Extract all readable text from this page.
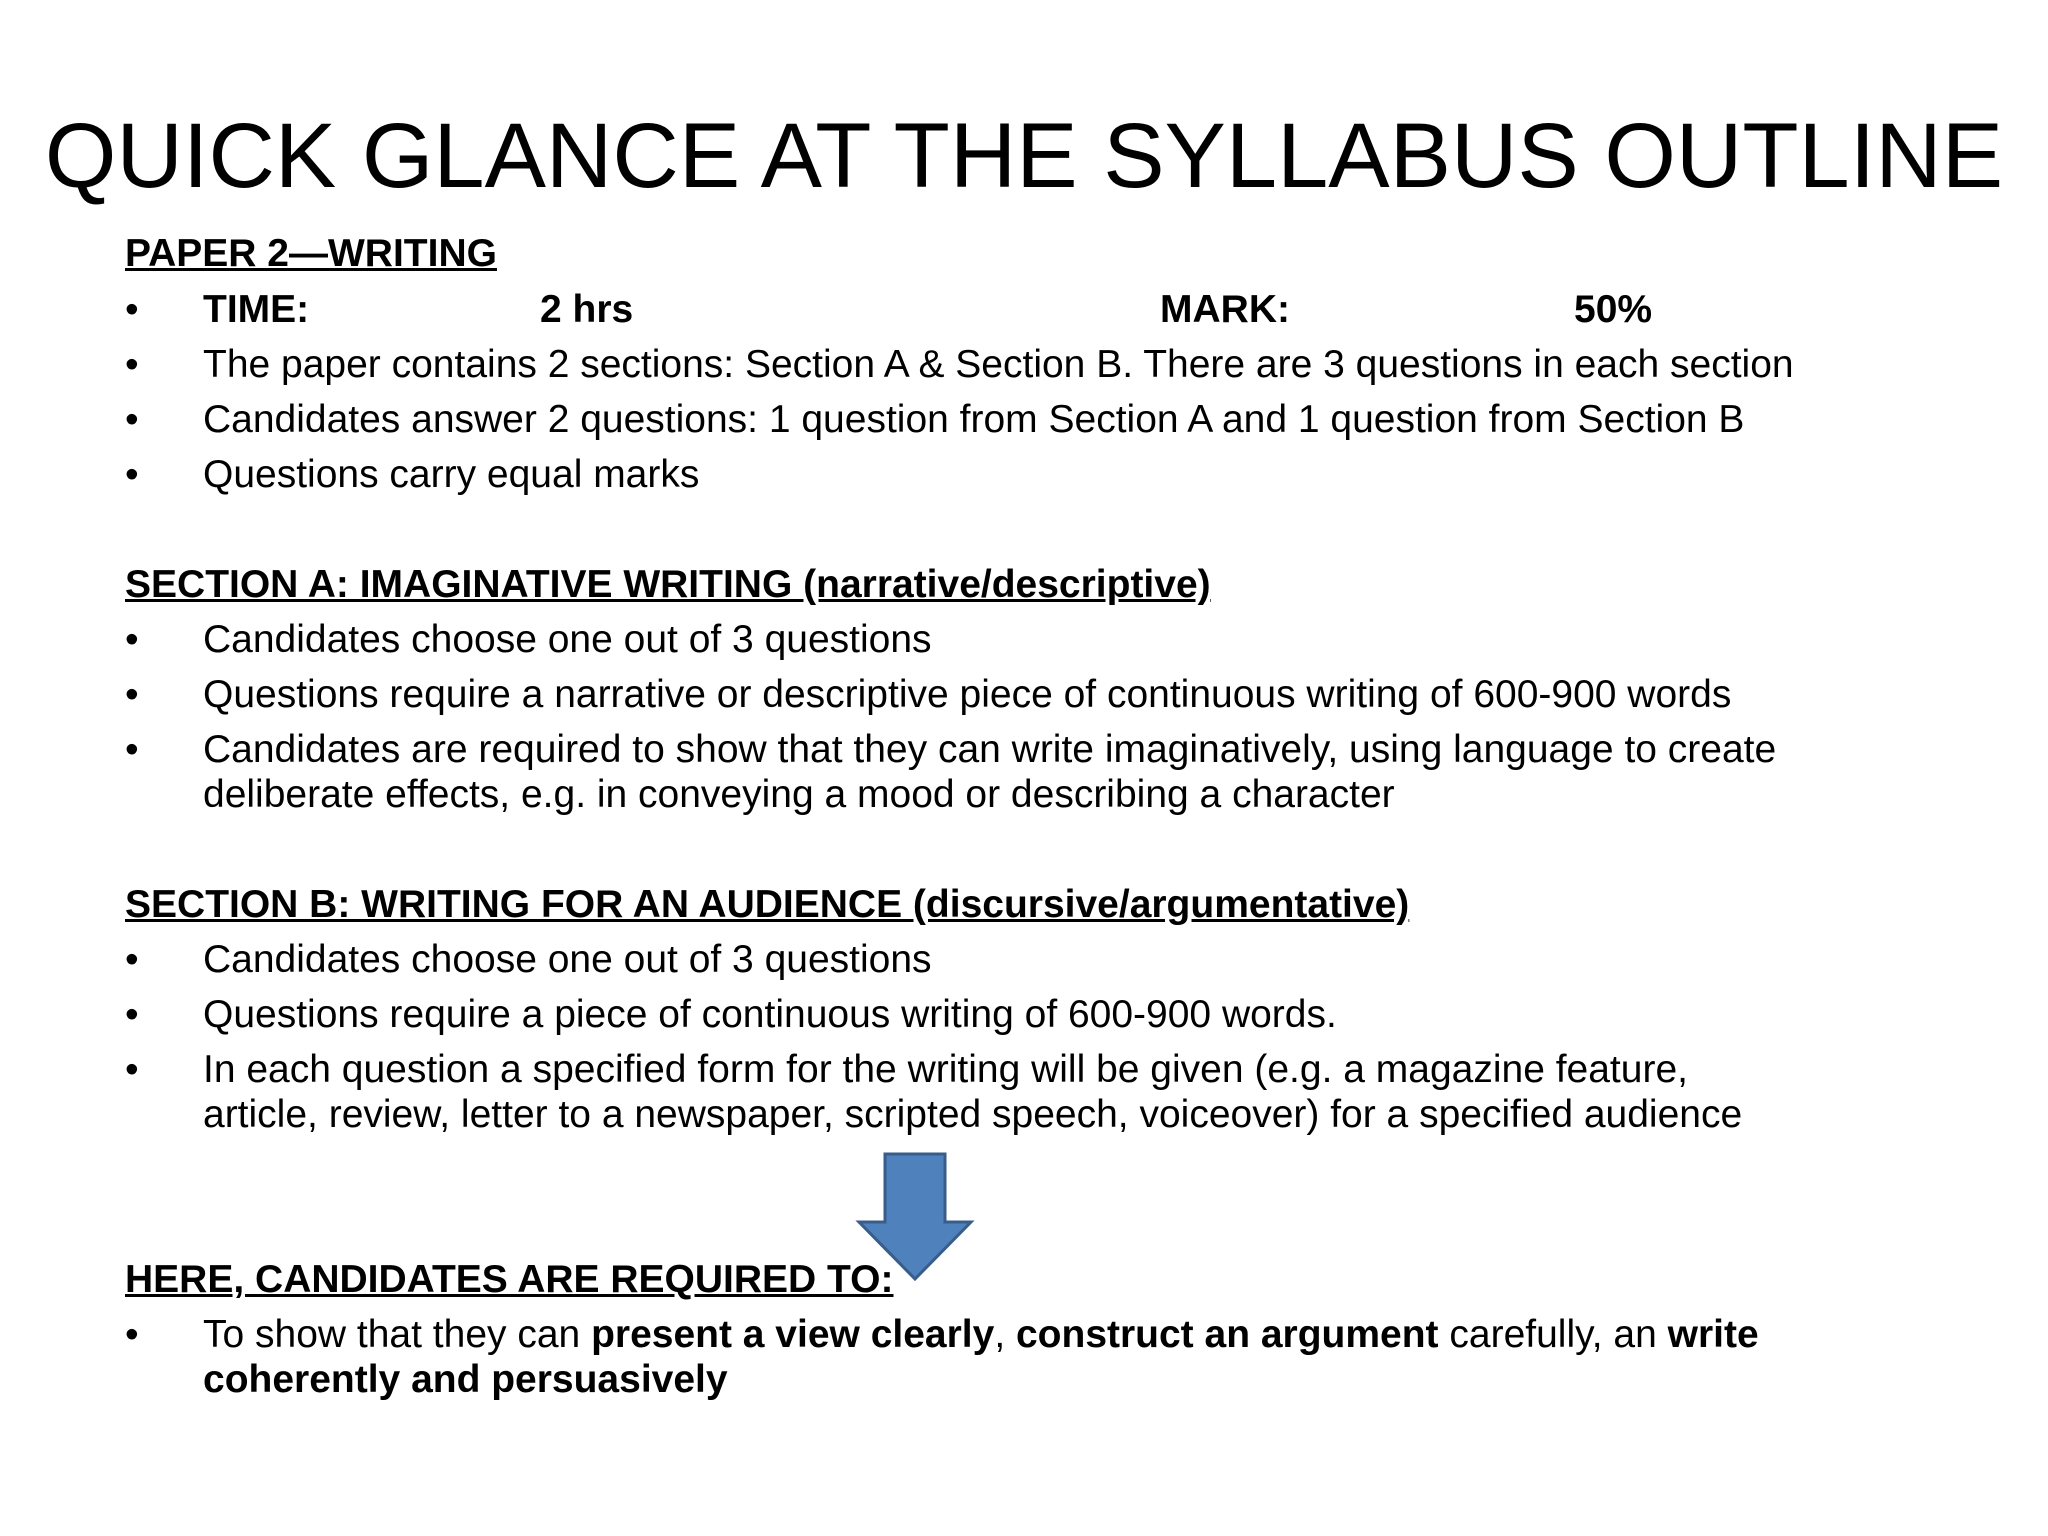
QUICK GLANCE AT THE SYLLABUS OUTLINE
PAPER 2—WRITING
•	TIME:	2 hrs	MARK:	50%
•	The paper contains 2 sections: Section A & Section B. There are 3 questions in each section
•	Candidates answer 2 questions: 1 question from Section A and 1 question from Section B
•	Questions carry equal marks
SECTION A: IMAGINATIVE WRITING (narrative/descriptive)
•	Candidates choose one out of 3 questions
•	Questions require a narrative or descriptive piece of continuous writing of 600-900 words
•	Candidates are required to show that they can write imaginatively, using language to create
deliberate effects, e.g. in conveying a mood or describing a character
SECTION B: WRITING FOR AN AUDIENCE (discursive/argumentative)
•	Candidates choose one out of 3 questions
•	Questions require a piece of continuous writing of 600-900 words.
•	In each question a specified form for the writing will be given (e.g. a magazine feature,
article, review, letter to a newspaper, scripted speech, voiceover) for a specified audience
HERE, CANDIDATES ARE REQUIRED TO:
•	To show that they can present a view clearly, construct an argument carefully, an write
coherently and persuasively
